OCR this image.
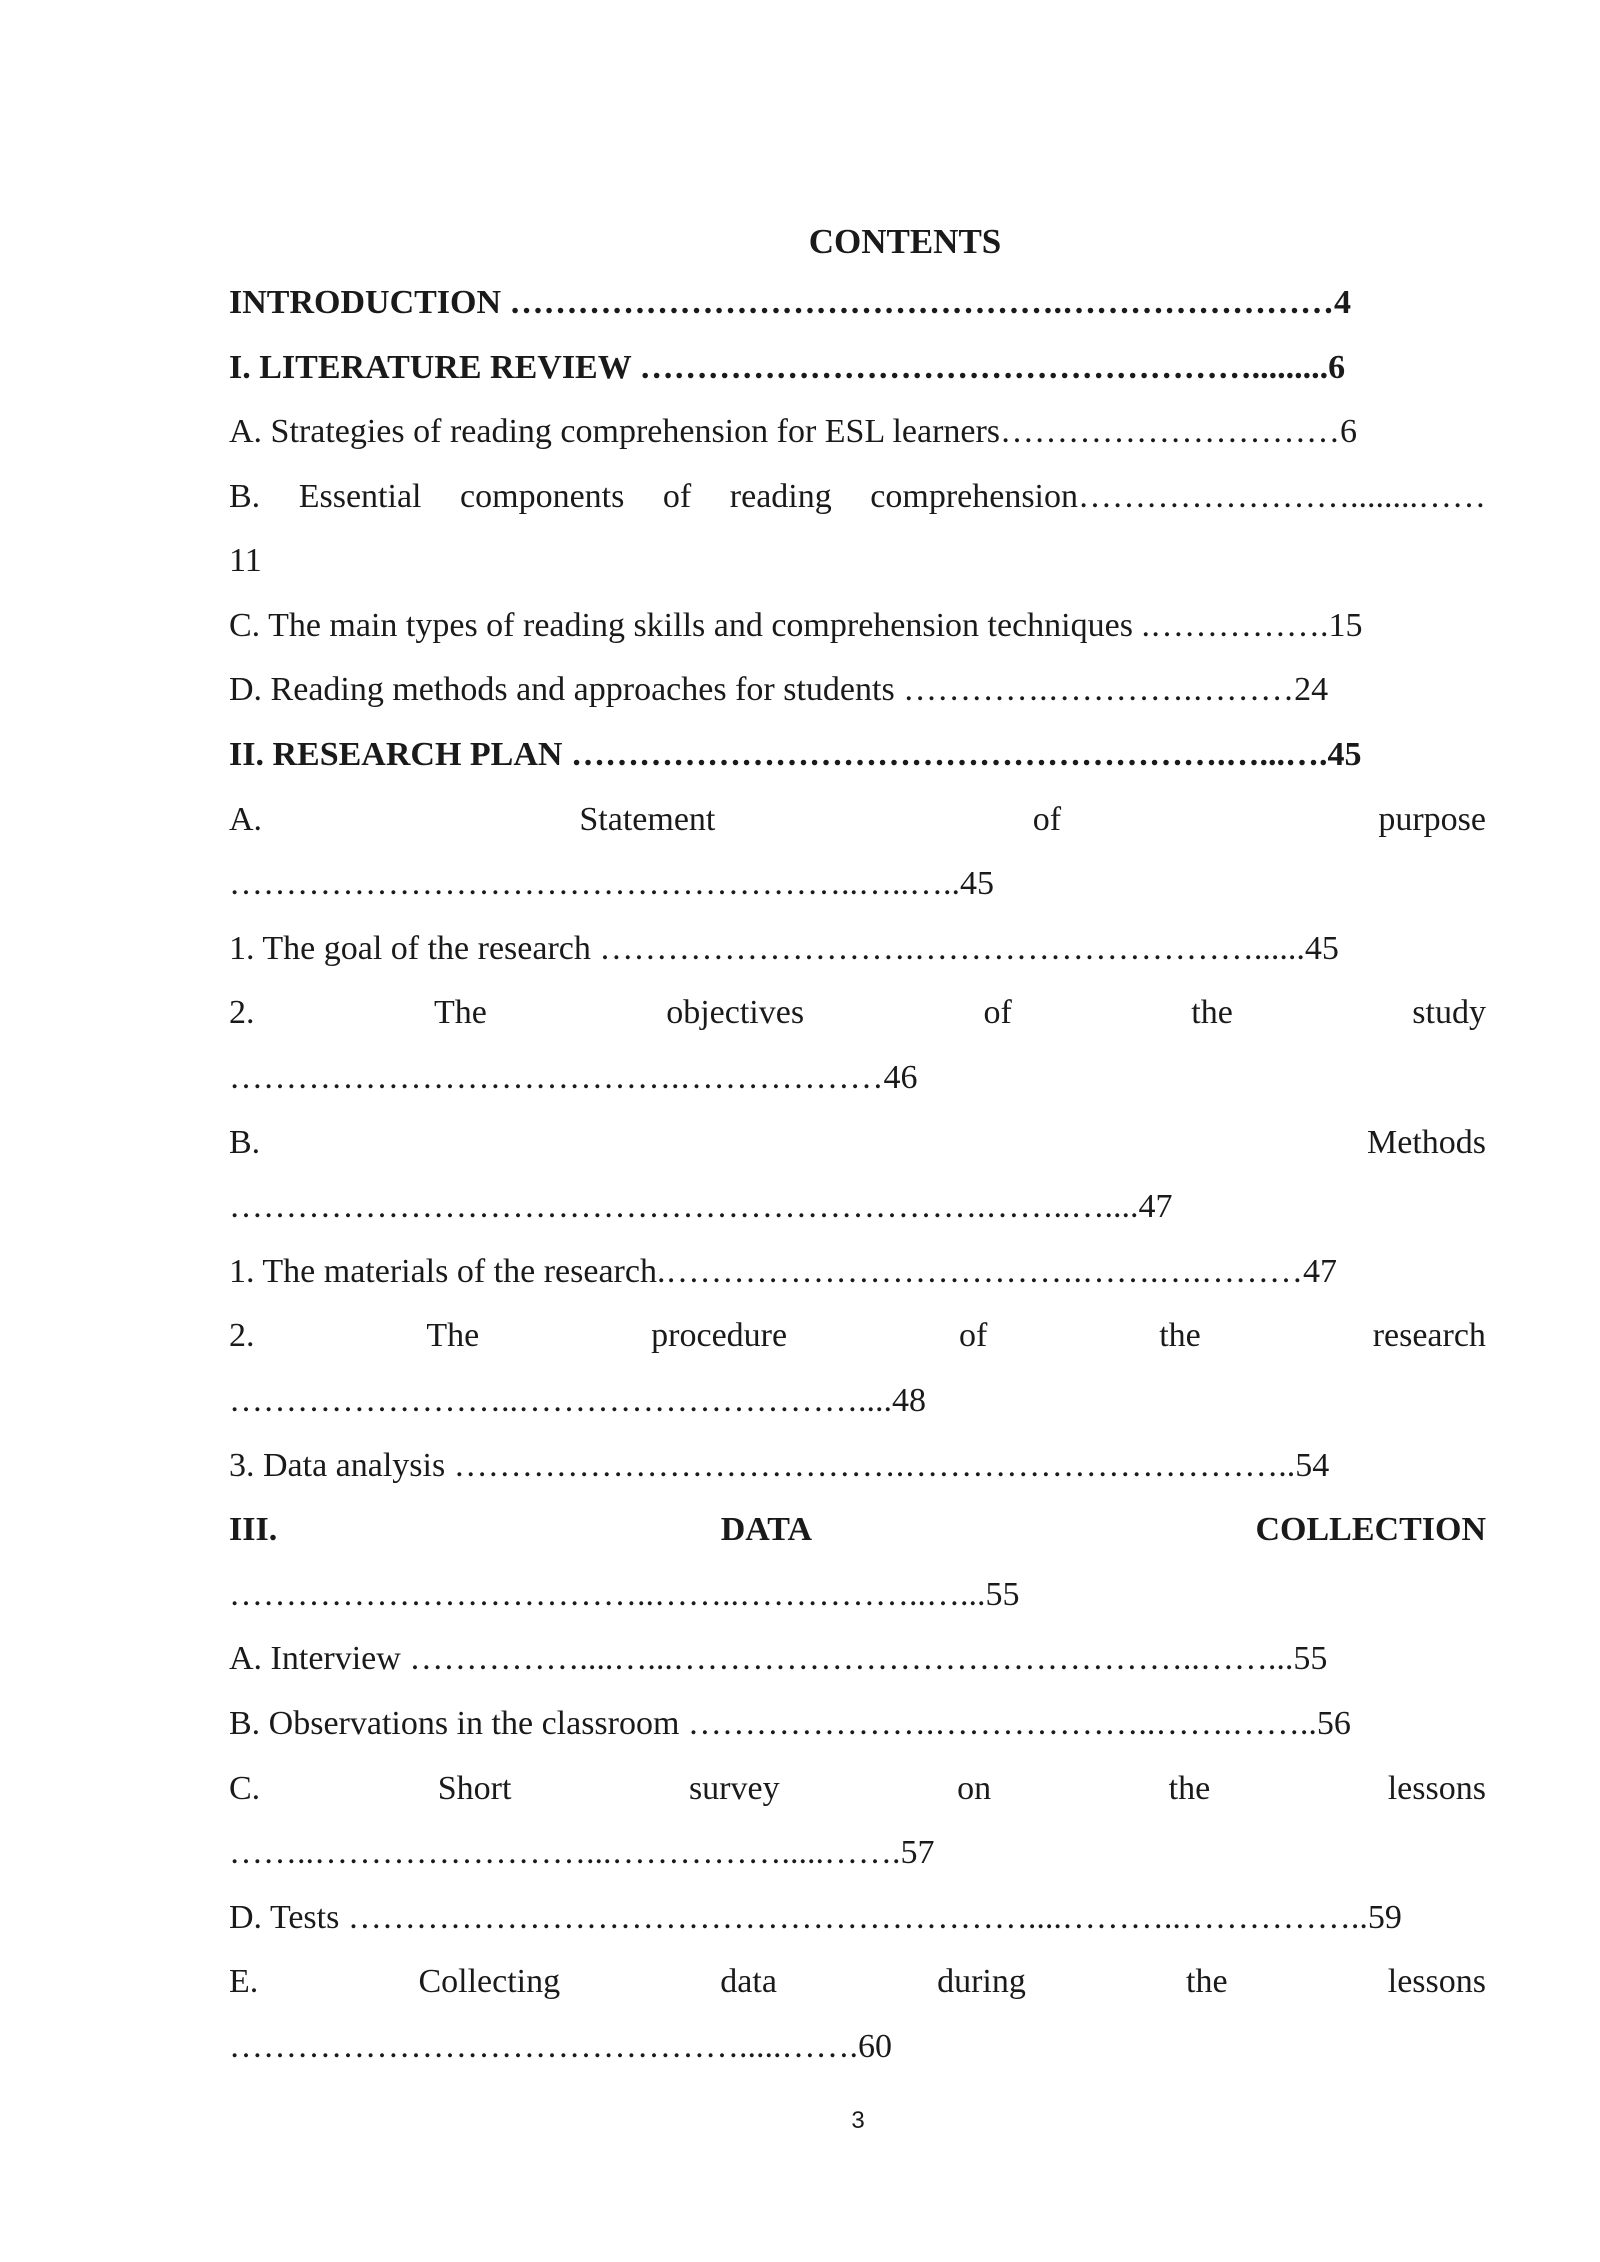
CONTENTS
INTRODUCTION ………………………………………….……………………4
I. LITERATURE REVIEW ……………………………………………….........6
A. Strategies of reading comprehension for ESL learners…………………………6
B. Essential components of reading comprehension……………………........……
11
C. The main types of reading skills and comprehension techniques .…………….15
D. Reading methods and approaches for students ………….………….………24
II. RESEARCH PLAN ………………………………………………….…...….45
A.	Statement	of	purpose
………………………………………………..…..…..45
1. The goal of the research ……………………….…………………………......45
2.	The	objectives	of	the	study
………………………………….………………46
B.	Methods
………………………………………………………….……..…....47
1. The materials of the research.……………………………….…….….………47
2.	The	procedure	of	the	research
……………………..…………………………....48
3. Data analysis ………………………………….……………………………..54
III.	DATA	COLLECTION
………………………………..……..……………..…...55
A. Interview ……………....…...………………………………………..……...55
B. Observations in the classroom ………………….………………..…….……..56
C.	Short	survey	on	the	lessons
……..……………………...…………….....…….57
D. Tests ……………………………………………………....………..……………..59
E.	Collecting	data	during	the	lessons
……………………………………….....…….60
3
